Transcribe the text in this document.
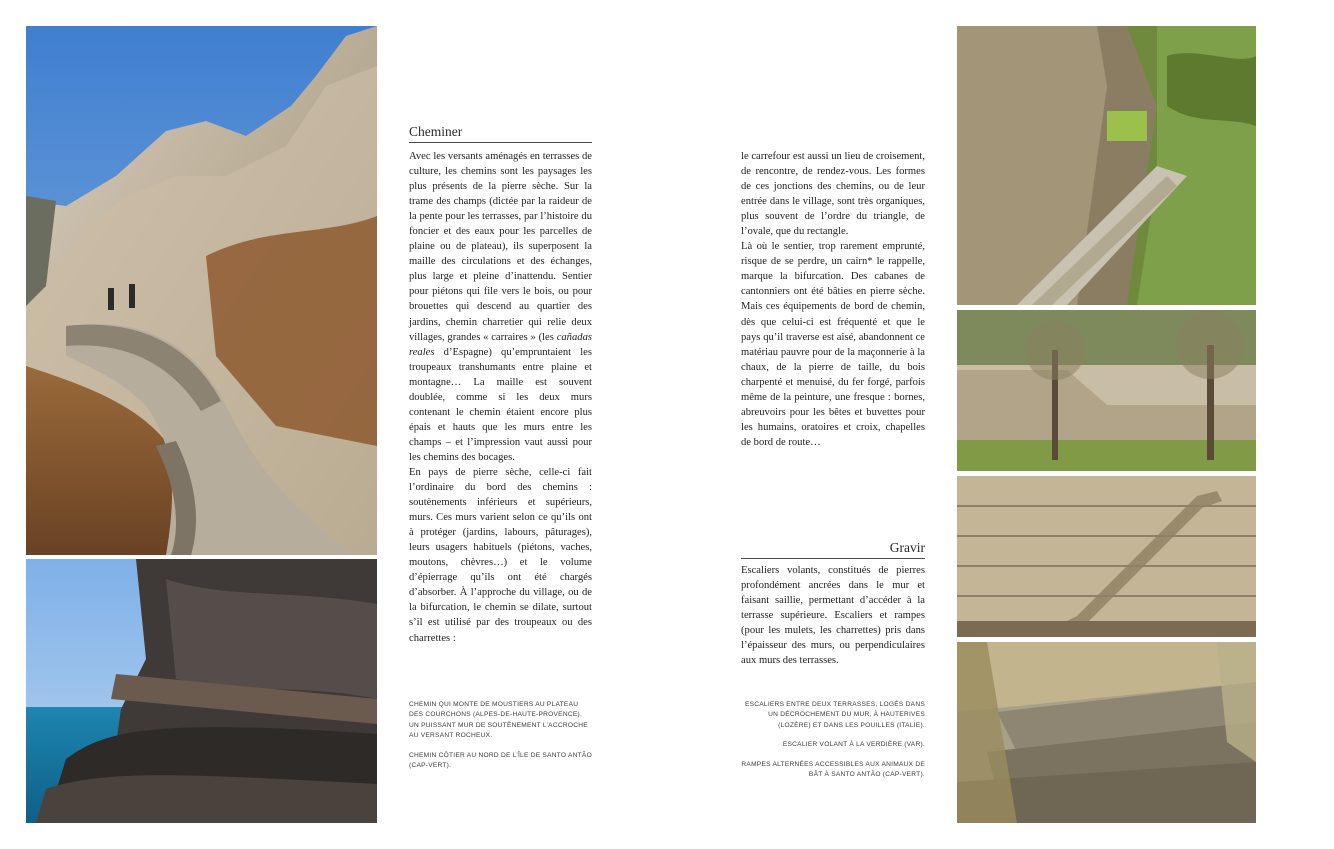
Cheminer

Avec les versants aménagés en terrasses de culture, les chemins sont les paysages les plus présents de la pierre sèche. Sur la trame des champs (dictée par la raideur de la pente pour les terrasses, par l’histoire du foncier et des eaux pour les parcelles de plaine ou de plateau), ils superposent la maille des circulations et des échanges, plus large et pleine d’inattendu. Sentier pour piétons qui file vers le bois, ou pour brouettes qui descend au quartier des jardins, chemin charretier qui relie deux villages, grandes « carraires » (les cañadas reales d’Espagne) qu’empruntaient les troupeaux transhumants entre plaine et montagne… La maille est souvent doublée, comme si les deux murs contenant le chemin étaient encore plus épais et hauts que les murs entre les champs – et l’impression vaut aussi pour les chemins des bocages.

En pays de pierre sèche, celle-ci fait l’ordinaire du bord des chemins : soutènements inférieurs et supérieurs, murs. Ces murs varient selon ce qu’ils ont à protéger (jardins, labours, pâturages), leurs usagers habituels (piétons, vaches, moutons, chèvres…) et le volume d’épierrage qu’ils ont été chargés d’absorber. À l’approche du village, ou de la bifurcation, le chemin se dilate, surtout s’il est utilisé par des troupeaux ou des charrettes :

CHEMIN QUI MONTE DE MOUSTIERS AU PLATEAU DES COURCHONS (ALPES-DE-HAUTE-PROVENCE). UN PUISSANT MUR DE SOUTÈNEMENT L’ACCROCHE AU VERSANT ROCHEUX.

CHEMIN CÔTIER AU NORD DE L’ÎLE DE SANTO ANTÃO (CAP-VERT).

le carrefour est aussi un lieu de croisement, de rencontre, de rendez-vous. Les formes de ces jonctions des chemins, ou de leur entrée dans le village, sont très organiques, plus souvent de l’ordre du triangle, de l’ovale, que du rectangle.

Là où le sentier, trop rarement emprunté, risque de se perdre, un cairn* le rappelle, marque la bifurcation. Des cabanes de cantonniers ont été bâties en pierre sèche. Mais ces équipements de bord de chemin, dès que celui-ci est fréquenté et que le pays qu’il traverse est aisé, abandonnent ce matériau pauvre pour de la maçonnerie à la chaux, de la pierre de taille, du bois charpenté et menuisé, du fer forgé, parfois même de la peinture, une fresque : bornes, abreuvoirs pour les bêtes et buvettes pour les humains, oratoires et croix, chapelles de bord de route…

Gravir

Escaliers volants, constitués de pierres profondément ancrées dans le mur et faisant saillie, permettant d’accéder à la terrasse supérieure. Escaliers et rampes (pour les mulets, les charrettes) pris dans l’épaisseur des murs, ou perpendiculaires aux murs des terrasses.

ESCALIERS ENTRE DEUX TERRASSES, LOGÉS DANS UN DÉCROCHEMENT DU MUR, À HAUTERIVES (LOZÈRE) ET DANS LES POUILLES (ITALIE).

ESCALIER VOLANT À LA VERDIÈRE (VAR).

RAMPES ALTERNÉES ACCESSIBLES AUX ANIMAUX DE BÂT À SANTO ANTÃO (CAP-VERT).
